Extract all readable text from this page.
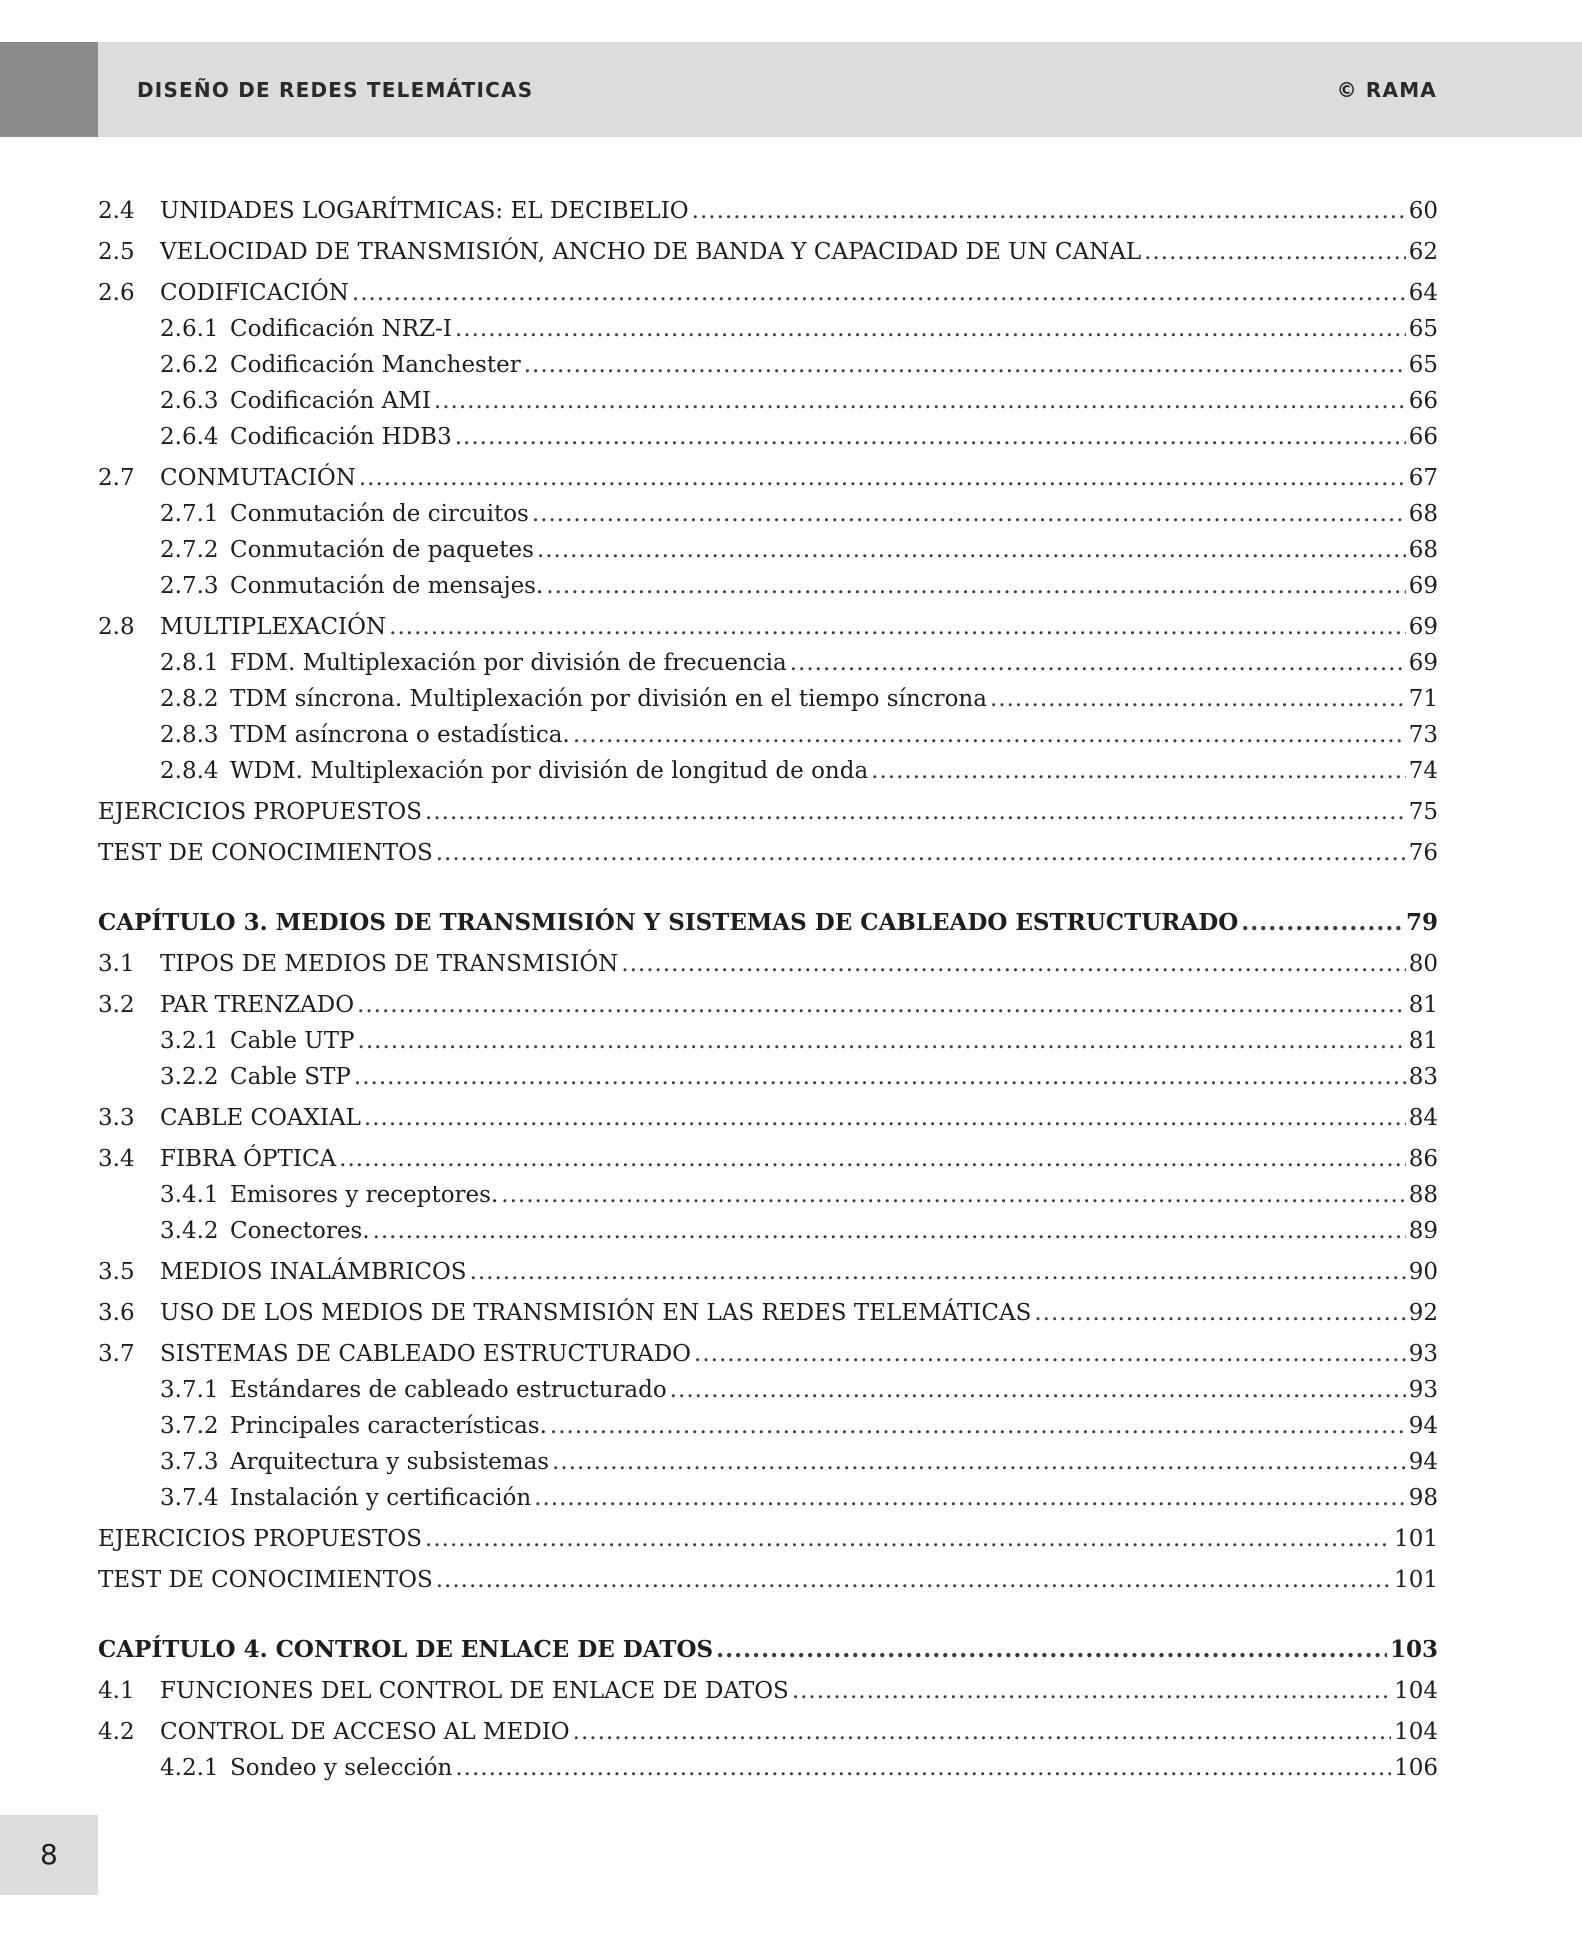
DISEÑO DE REDES TELEMÁTICAS	© RAMA
2.4	UNIDADES LOGARÍTMICAS: EL DECIBELIO .....	60
2.5	VELOCIDAD DE TRANSMISIÓN, ANCHO DE BANDA Y CAPACIDAD DE UN CANAL .....	62
2.6	CODIFICACIÓN .....	64
2.6.1 Codificación NRZ-I .....	65
2.6.2 Codificación Manchester .....	65
2.6.3 Codificación AMI .....	66
2.6.4 Codificación HDB3 .....	66
2.7	CONMUTACIÓN .....	67
2.7.1 Conmutación de circuitos .....	68
2.7.2 Conmutación de paquetes .....	68
2.7.3 Conmutación de mensajes. .....	69
2.8	MULTIPLEXACIÓN .....	69
2.8.1 FDM. Multiplexación por división de frecuencia .....	69
2.8.2 TDM síncrona. Multiplexación por división en el tiempo síncrona .....	71
2.8.3 TDM asíncrona o estadística. .....	73
2.8.4 WDM. Multiplexación por división de longitud de onda .....	74
EJERCICIOS PROPUESTOS .....	75
TEST DE CONOCIMIENTOS .....	76
CAPÍTULO 3. MEDIOS DE TRANSMISIÓN Y SISTEMAS DE CABLEADO ESTRUCTURADO .....	79
3.1	TIPOS DE MEDIOS DE TRANSMISIÓN .....	80
3.2	PAR TRENZADO .....	81
3.2.1 Cable UTP .....	81
3.2.2 Cable STP .....	83
3.3	CABLE COAXIAL .....	84
3.4	FIBRA ÓPTICA .....	86
3.4.1 Emisores y receptores. .....	88
3.4.2 Conectores. .....	89
3.5	MEDIOS INALÁMBRICOS .....	90
3.6	USO DE LOS MEDIOS DE TRANSMISIÓN EN LAS REDES TELEMÁTICAS .....	92
3.7	SISTEMAS DE CABLEADO ESTRUCTURADO .....	93
3.7.1 Estándares de cableado estructurado .....	93
3.7.2 Principales características. .....	94
3.7.3 Arquitectura y subsistemas .....	94
3.7.4 Instalación y certificación .....	98
EJERCICIOS PROPUESTOS .....	101
TEST DE CONOCIMIENTOS .....	101
CAPÍTULO 4. CONTROL DE ENLACE DE DATOS .....	103
4.1	FUNCIONES DEL CONTROL DE ENLACE DE DATOS .....	104
4.2	CONTROL DE ACCESO AL MEDIO .....	104
4.2.1 Sondeo y selección .....	106
8
